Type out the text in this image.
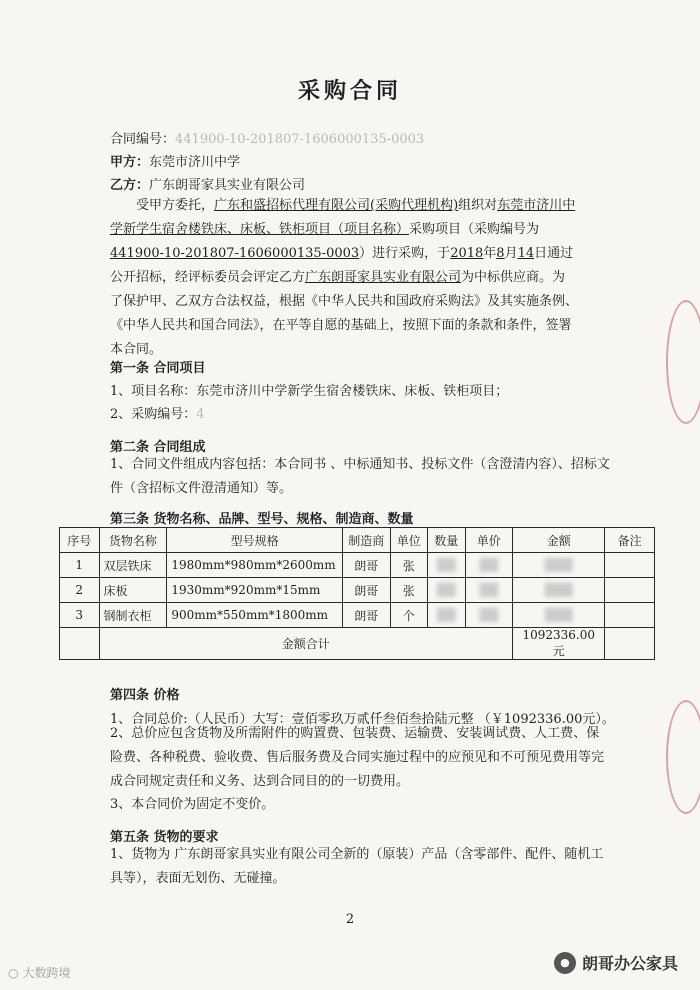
采购合同
合同编号：441900-10-201807-1606000135-0003
甲方：东莞市济川中学
乙方：广东朗哥家具实业有限公司
受甲方委托，广东和盛招标代理有限公司(采购代理机构)组织对东莞市济川中学新学生宿舍楼铁床、床板、铁柜项目（项目名称）采购项目（采购编号为441900-10-201807-1606000135-0003）进行采购，于2018年8月14日通过公开招标，经评标委员会评定乙方广东朗哥家具实业有限公司为中标供应商。为了保护甲、乙双方合法权益，根据《中华人民共和国政府采购法》及其实施条例、《中华人民共和国合同法》，在平等自愿的基础上，按照下面的条款和条件，签署本合同。
第一条 合同项目
1、项目名称：东莞市济川中学新学生宿舍楼铁床、床板、铁柜项目；
2、采购编号：4
第二条 合同组成
1、合同文件组成内容包括：本合同书 、中标通知书、投标文件（含澄清内容）、招标文件（含招标文件澄清通知）等。
第三条 货物名称、品牌、型号、规格、制造商、数量
序号	货物名称	型号规格	制造商	单位	数量	单价	金额	备注
1	双层铁床	1980mm*980mm*2600mm	朗哥	张	██	██	███	
2	床板	1930mm*920mm*15mm	朗哥	张	██	██	███	
3	钢制衣柜	900mm*550mm*1800mm	朗哥	个	██	██	███	
	金额合计						1092336.00 元	
第四条 价格
1、合同总价:（人民币）大写：壹佰零玖万贰仟叁佰叁拾陆元整 （￥1092336.00元）。
2、总价应包含货物及所需附件的购置费、包装费、运输费、安装调试费、人工费、保险费、各种税费、验收费、售后服务费及合同实施过程中的应预见和不可预见费用等完成合同规定责任和义务、达到合同目的的一切费用。
3、本合同价为固定不变价。
第五条 货物的要求
1、货物为 广东朗哥家具实业有限公司全新的（原装）产品（含零部件、配件、随机工具等），表面无划伤、无碰撞。
2
○ 大数跨境
● 朗哥办公家具
